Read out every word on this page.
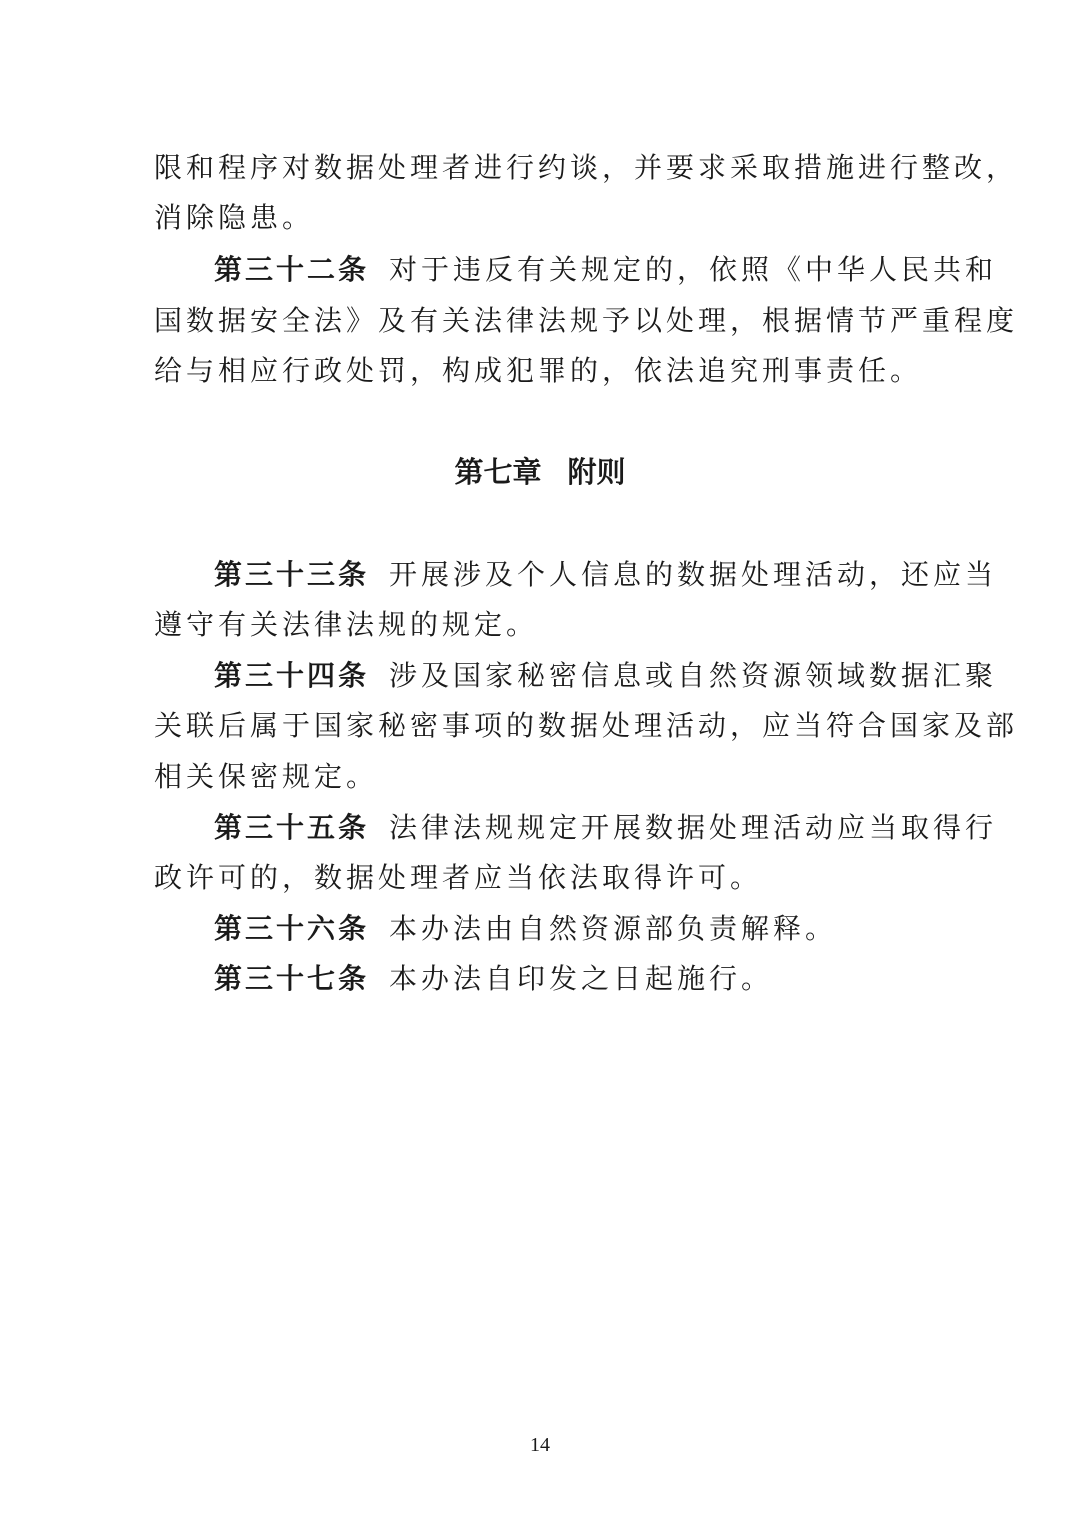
限和程序对数据处理者进行约谈，并要求采取措施进行整改，
消除隐患。
第三十二条 对于违反有关规定的，依照《中华人民共和
国数据安全法》及有关法律法规予以处理，根据情节严重程度
给与相应行政处罚，构成犯罪的，依法追究刑事责任。
第七章 附则
第三十三条 开展涉及个人信息的数据处理活动，还应当
遵守有关法律法规的规定。
第三十四条 涉及国家秘密信息或自然资源领域数据汇聚
关联后属于国家秘密事项的数据处理活动，应当符合国家及部
相关保密规定。
第三十五条 法律法规规定开展数据处理活动应当取得行
政许可的，数据处理者应当依法取得许可。
第三十六条 本办法由自然资源部负责解释。
第三十七条 本办法自印发之日起施行。
14
